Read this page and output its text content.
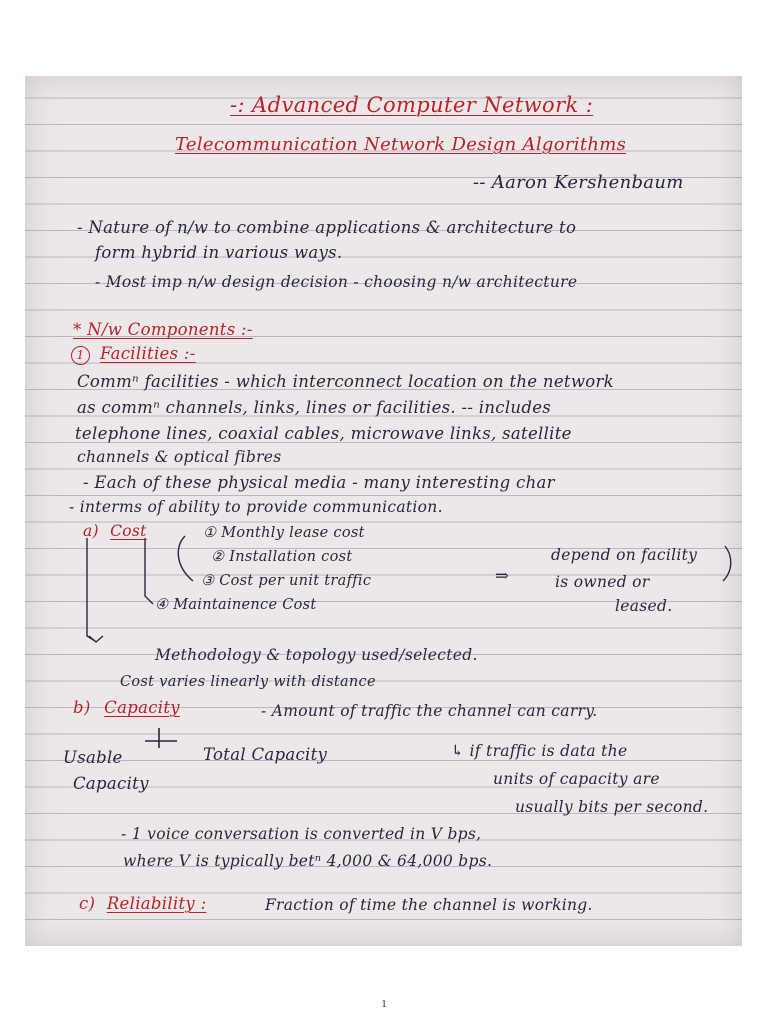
‐: Advanced Computer Network :
Telecommunication Network Design Algorithms
-- Aaron Kershenbaum
- Nature of n/w to combine applications & architecture to
form hybrid in various ways.
- Most imp n/w design decision - choosing n/w architecture
* N/w Components :-
1 Facilities :-
Commⁿ facilities - which interconnect location on the network
as commⁿ channels, links, lines or facilities. -- includes
telephone lines, coaxial cables, microwave links, satellite
channels & optical fibres
- Each of these physical media - many interesting char
- interms of ability to provide communication.
a) Cost	① Monthly lease cost
② Installation cost
③ Cost per unit traffic
④ Maintainence Cost
⇒
depend on facility
is owned or
leased.
Methodology & topology used/selected.
Cost varies linearly with distance
b) Capacity	- Amount of traffic the channel can carry.
Usable
Capacity
Total Capacity	↳ if traffic is data the
units of capacity are
usually bits per second.
- 1 voice conversation is converted in V bps,
where V is typically betⁿ 4,000 & 64,000 bps.
c) Reliability :	Fraction of time the channel is working.
1
